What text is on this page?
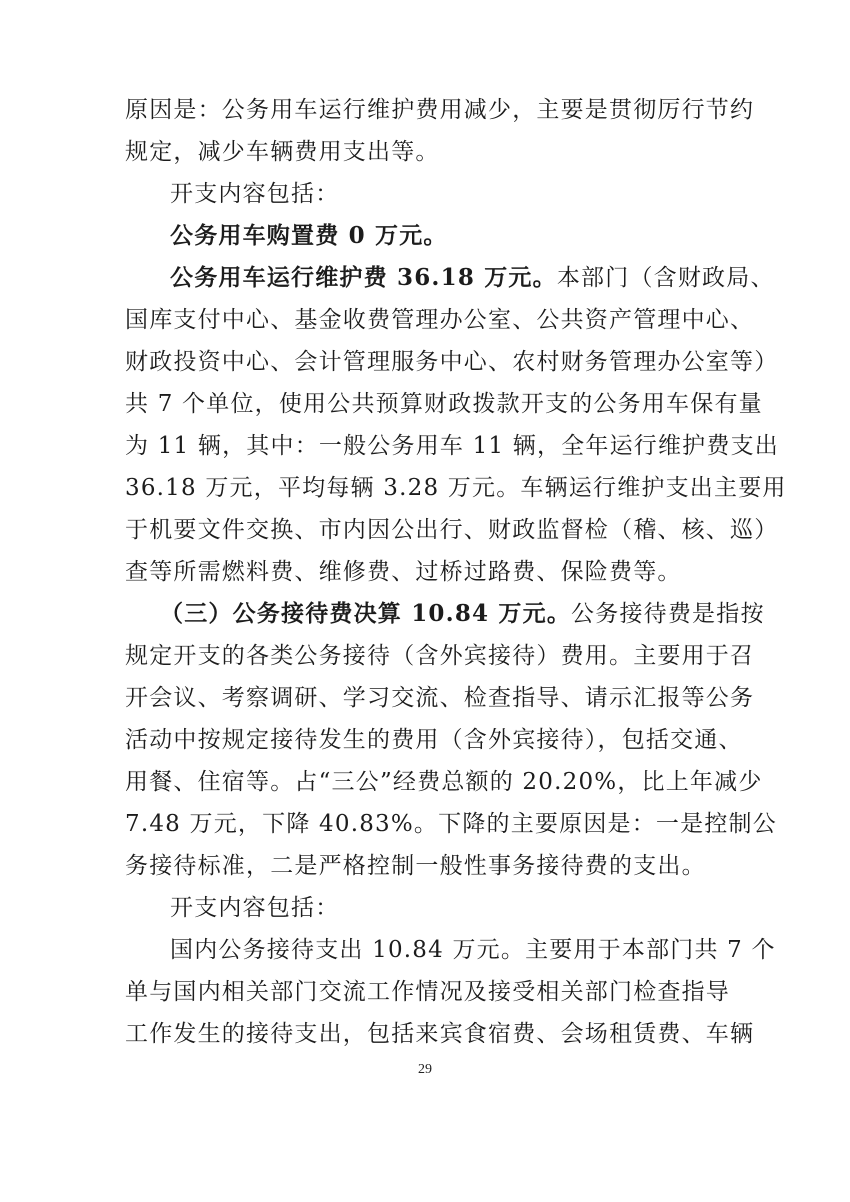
原因是：公务用车运行维护费用减少，主要是贯彻厉行节约
规定，减少车辆费用支出等。
开支内容包括：
公务用车购置费 0 万元。
公务用车运行维护费 36.18 万元。本部门（含财政局、
国库支付中心、基金收费管理办公室、公共资产管理中心、
财政投资中心、会计管理服务中心、农村财务管理办公室等）
共 7 个单位，使用公共预算财政拨款开支的公务用车保有量
为 11 辆，其中：一般公务用车 11 辆，全年运行维护费支出
36.18 万元，平均每辆 3.28 万元。车辆运行维护支出主要用
于机要文件交换、市内因公出行、财政监督检（稽、核、巡）
查等所需燃料费、维修费、过桥过路费、保险费等。
（三）公务接待费决算 10.84 万元。公务接待费是指按
规定开支的各类公务接待（含外宾接待）费用。主要用于召
开会议、考察调研、学习交流、检查指导、请示汇报等公务
活动中按规定接待发生的费用（含外宾接待），包括交通、
用餐、住宿等。占“三公”经费总额的 20.20%，比上年减少
7.48 万元，下降 40.83%。下降的主要原因是：一是控制公
务接待标准，二是严格控制一般性事务接待费的支出。
开支内容包括：
国内公务接待支出 10.84 万元。主要用于本部门共 7 个
单与国内相关部门交流工作情况及接受相关部门检查指导
工作发生的接待支出，包括来宾食宿费、会场租赁费、车辆
29
